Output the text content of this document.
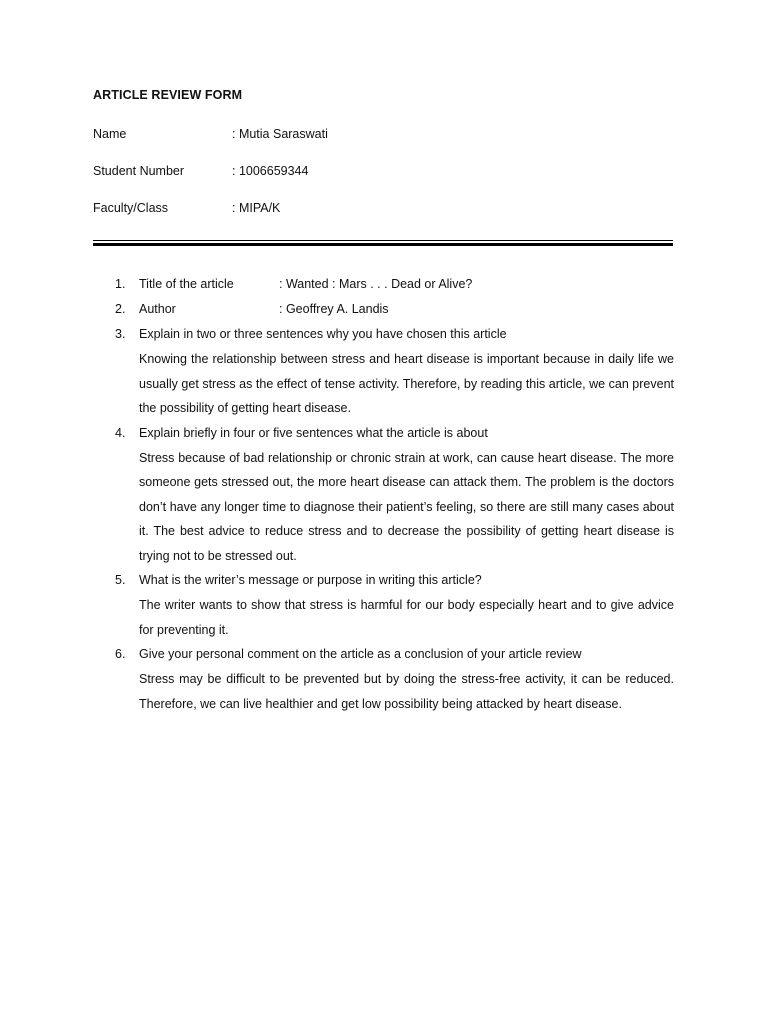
ARTICLE REVIEW FORM
Name	: Mutia Saraswati
Student Number	: 1006659344
Faculty/Class	: MIPA/K
1. Title of the article	: Wanted : Mars . . . Dead or Alive?
2. Author	: Geoffrey A. Landis
3. Explain in two or three sentences why you have chosen this article

Knowing the relationship between stress and heart disease is important because in daily life we usually get stress as the effect of tense activity. Therefore, by reading this article, we can prevent the possibility of getting heart disease.

4. Explain briefly in four or five sentences what the article is about

Stress because of bad relationship or chronic strain at work, can cause heart disease. The more someone gets stressed out, the more heart disease can attack them. The problem is the doctors don’t have any longer time to diagnose their patient’s feeling, so there are still many cases about it. The best advice to reduce stress and to decrease the possibility of getting heart disease is trying not to be stressed out.

5. What is the writer’s message or purpose in writing this article?

The writer wants to show that stress is harmful for our body especially heart and to give advice for preventing it.

6. Give your personal comment on the article as a conclusion of your article review

Stress may be difficult to be prevented but by doing the stress-free activity, it can be reduced. Therefore, we can live healthier and get low possibility being attacked by heart disease.
